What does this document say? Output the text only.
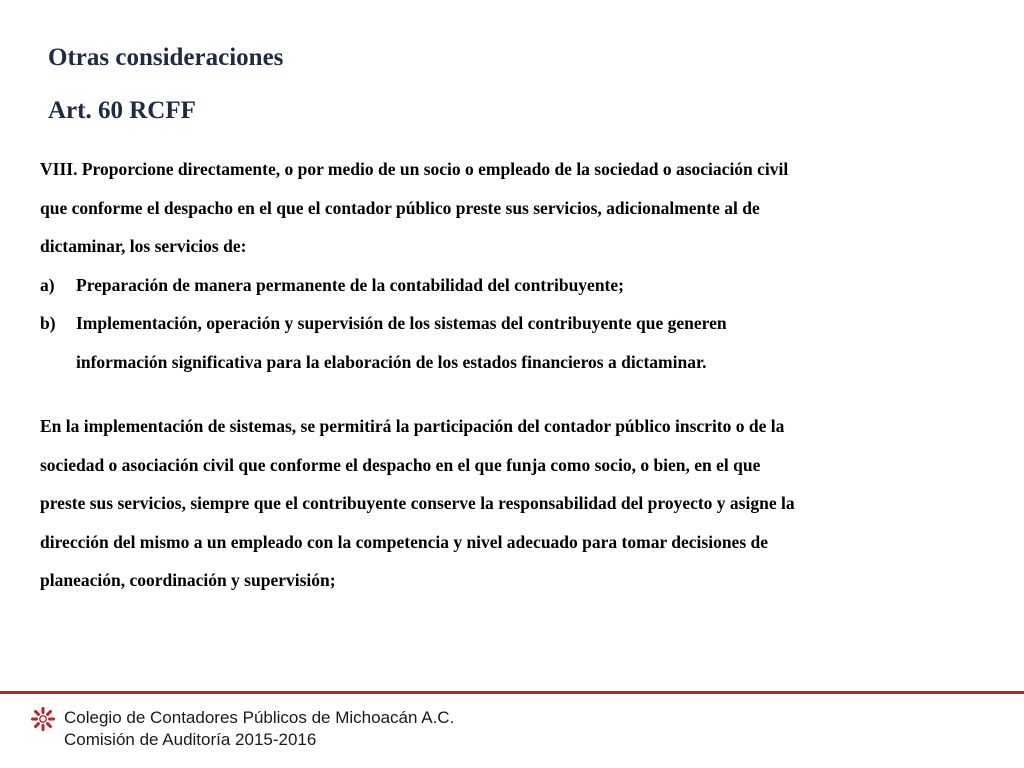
Otras consideraciones
Art. 60 RCFF
VIII. Proporcione directamente, o por medio de un socio o empleado de la sociedad o asociación civil
que conforme el despacho en el que el contador público preste sus servicios, adicionalmente al de
dictaminar, los servicios de:
a) Preparación de manera permanente de la contabilidad del contribuyente;
b) Implementación, operación y supervisión de los sistemas del contribuyente que generen
información significativa para la elaboración de los estados financieros a dictaminar.
En la implementación de sistemas, se permitirá la participación del contador público inscrito o de la
sociedad o asociación civil que conforme el despacho en el que funja como socio, o bien, en el que
preste sus servicios, siempre que el contribuyente conserve la responsabilidad del proyecto y asigne la
dirección del mismo a un empleado con la competencia y nivel adecuado para tomar decisiones de
planeación, coordinación y supervisión;
Colegio de Contadores Públicos de Michoacán A.C.
Comisión de Auditoría 2015-2016
